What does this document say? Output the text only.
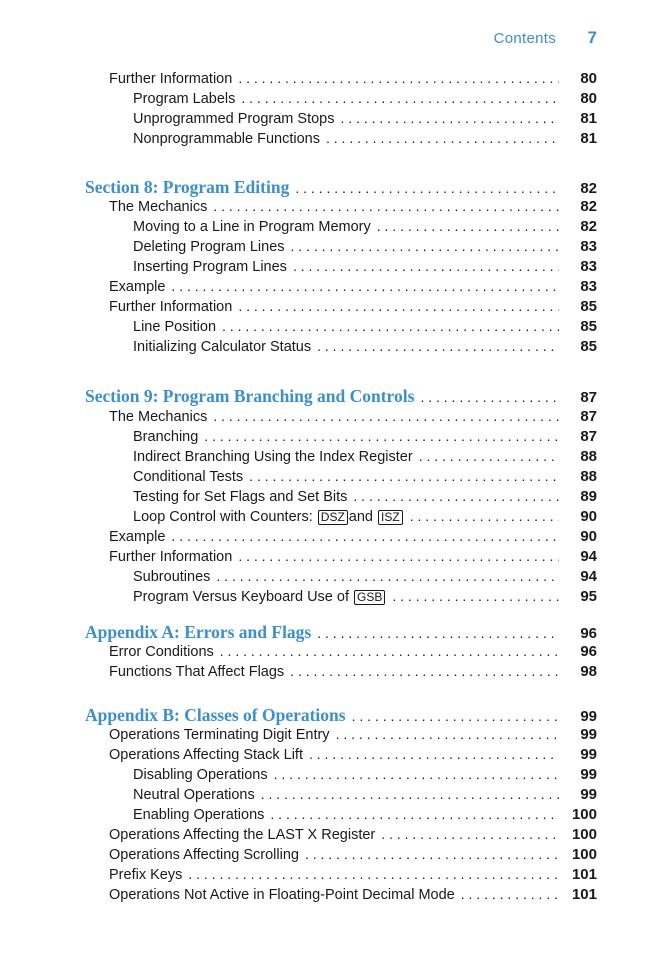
Contents 7
Further Information . . .	80
Program Labels . . .	80
Unprogrammed Program Stops . . .	81
Nonprogrammable Functions . . .	81
Section 8: Program Editing . . .	82
The Mechanics . . .	82
Moving to a Line in Program Memory . . .	82
Deleting Program Lines . . .	83
Inserting Program Lines . . .	83
Example . . .	83
Further Information . . .	85
Line Position . . .	85
Initializing Calculator Status . . .	85
Section 9: Program Branching and Controls . . .	87
The Mechanics . . .	87
Branching . . .	87
Indirect Branching Using the Index Register . . .	88
Conditional Tests . . .	88
Testing for Set Flags and Set Bits . . .	89
Loop Control with Counters: DSZ and ISZ . . .	90
Example . . .	90
Further Information . . .	94
Subroutines . . .	94
Program Versus Keyboard Use of GSB . . .	95
Appendix A: Errors and Flags . . .	96
Error Conditions . . .	96
Functions That Affect Flags . . .	98
Appendix B: Classes of Operations . . .	99
Operations Terminating Digit Entry . . .	99
Operations Affecting Stack Lift . . .	99
Disabling Operations . . .	99
Neutral Operations . . .	99
Enabling Operations . . .	100
Operations Affecting the LAST X Register . . .	100
Operations Affecting Scrolling . . .	100
Prefix Keys . . .	101
Operations Not Active in Floating-Point Decimal Mode . . .	101
